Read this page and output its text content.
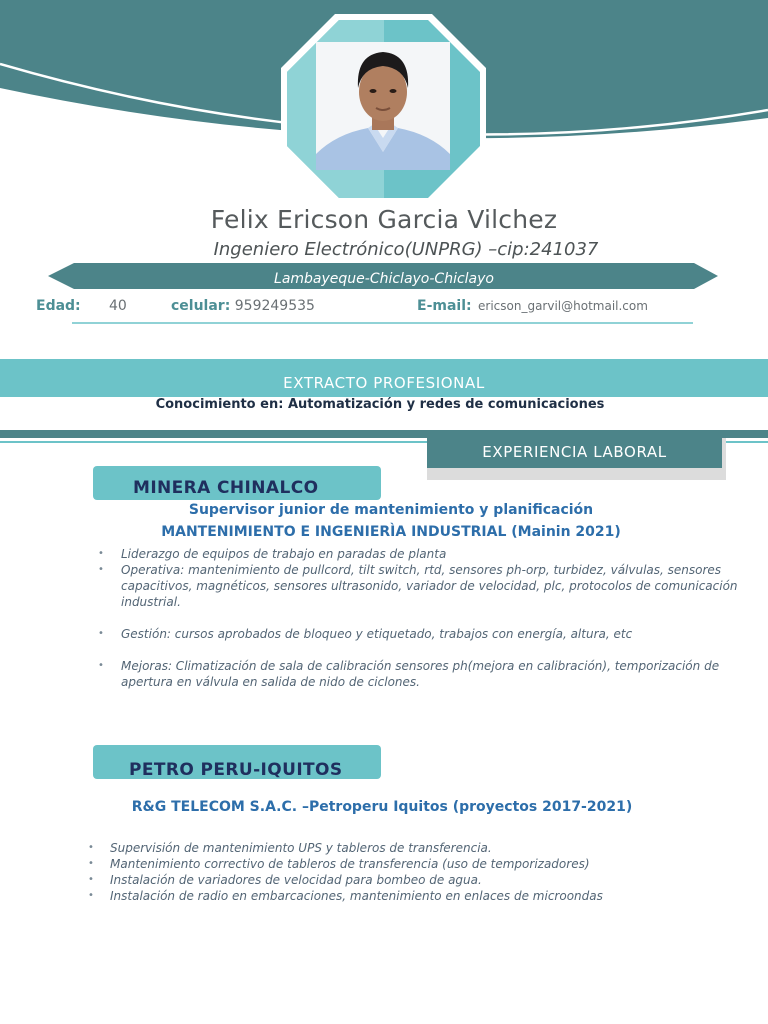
Felix Ericson Garcia Vilchez
Ingeniero Electrónico(UNPRG) –cip:241037
Lambayeque-Chiclayo-Chiclayo
Edad: 40	celular: 959249535	E-mail: ericson_garvil@hotmail.com
EXTRACTO PROFESIONAL
Conocimiento en: Automatización y redes de comunicaciones
EXPERIENCIA LABORAL
MINERA CHINALCO
Supervisor junior de mantenimiento y planificación
MANTENIMIENTO E INGENIERÌA INDUSTRIAL (Mainin 2021)
• Liderazgo de equipos de trabajo en paradas de planta
• Operativa: mantenimiento de pullcord, tilt switch, rtd, sensores ph-orp, turbidez, válvulas, sensores capacitivos, magnéticos, sensores ultrasonido, variador de velocidad, plc, protocolos de comunicación industrial.
• Gestión: cursos aprobados de bloqueo y etiquetado, trabajos con energía, altura, etc
• Mejoras: Climatización de sala de calibración sensores ph(mejora en calibración), temporización de apertura en válvula en salida de nido de ciclones.
PETRO PERU-IQUITOS
R&G TELECOM S.A.C. –Petroperu Iquitos (proyectos 2017-2021)
• Supervisión de mantenimiento UPS y tableros de transferencia.
• Mantenimiento correctivo de tableros de transferencia (uso de temporizadores)
• Instalación de variadores de velocidad para bombeo de agua.
• Instalación de radio en embarcaciones, mantenimiento en enlaces de microondas
